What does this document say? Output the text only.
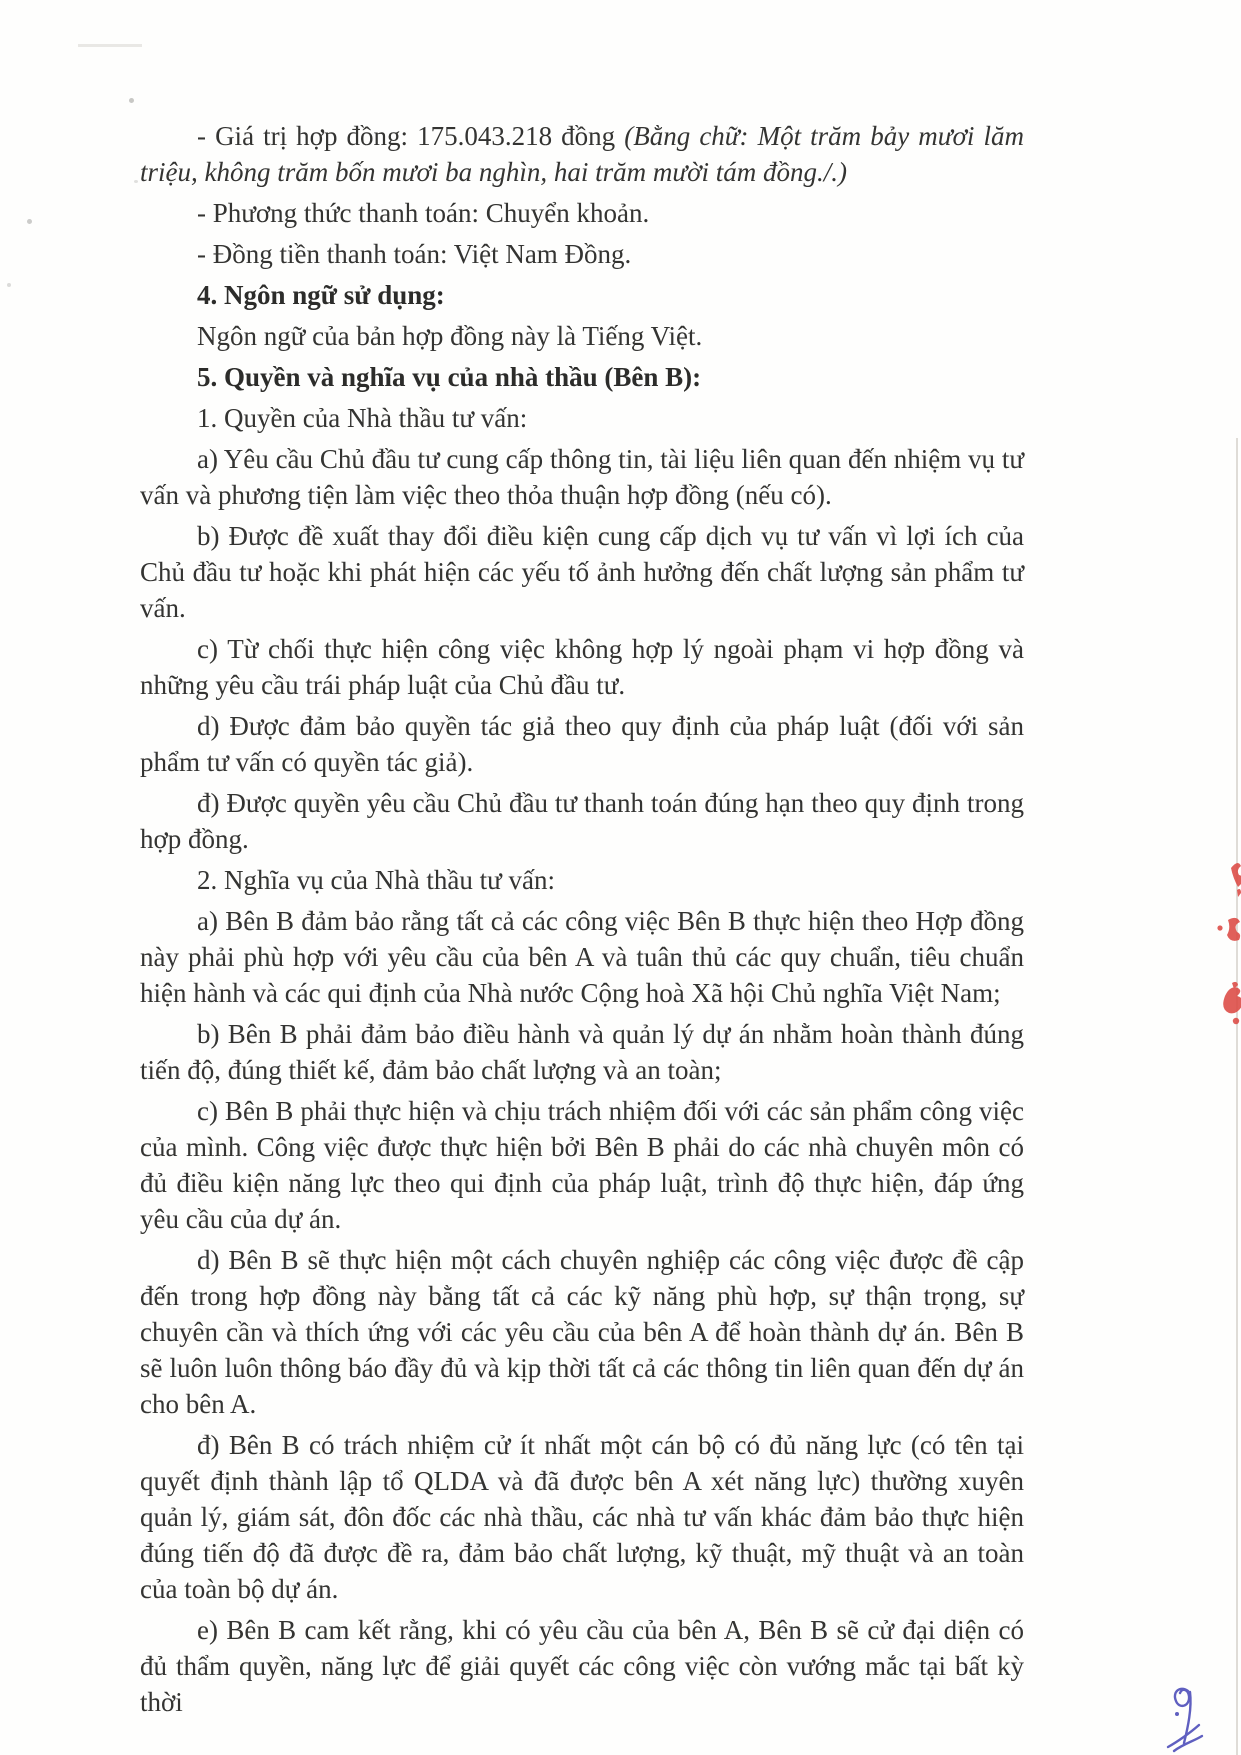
- Giá trị hợp đồng: 175.043.218 đồng (Bằng chữ: Một trăm bảy mươi lăm triệu, không trăm bốn mươi ba nghìn, hai trăm mười tám đồng./.)

- Phương thức thanh toán: Chuyển khoản.

- Đồng tiền thanh toán: Việt Nam Đồng.

4. Ngôn ngữ sử dụng:

Ngôn ngữ của bản hợp đồng này là Tiếng Việt.

5. Quyền và nghĩa vụ của nhà thầu (Bên B):

1. Quyền của Nhà thầu tư vấn:

a) Yêu cầu Chủ đầu tư cung cấp thông tin, tài liệu liên quan đến nhiệm vụ tư vấn và phương tiện làm việc theo thỏa thuận hợp đồng (nếu có).

b) Được đề xuất thay đổi điều kiện cung cấp dịch vụ tư vấn vì lợi ích của Chủ đầu tư hoặc khi phát hiện các yếu tố ảnh hưởng đến chất lượng sản phẩm tư vấn.

c) Từ chối thực hiện công việc không hợp lý ngoài phạm vi hợp đồng và những yêu cầu trái pháp luật của Chủ đầu tư.

d) Được đảm bảo quyền tác giả theo quy định của pháp luật (đối với sản phẩm tư vấn có quyền tác giả).

đ) Được quyền yêu cầu Chủ đầu tư thanh toán đúng hạn theo quy định trong hợp đồng.

2. Nghĩa vụ của Nhà thầu tư vấn:

a) Bên B đảm bảo rằng tất cả các công việc Bên B thực hiện theo Hợp đồng này phải phù hợp với yêu cầu của bên A và tuân thủ các quy chuẩn, tiêu chuẩn hiện hành và các qui định của Nhà nước Cộng hoà Xã hội Chủ nghĩa Việt Nam;

b) Bên B phải đảm bảo điều hành và quản lý dự án nhằm hoàn thành đúng tiến độ, đúng thiết kế, đảm bảo chất lượng và an toàn;

c) Bên B phải thực hiện và chịu trách nhiệm đối với các sản phẩm công việc của mình. Công việc được thực hiện bởi Bên B phải do các nhà chuyên môn có đủ điều kiện năng lực theo qui định của pháp luật, trình độ thực hiện, đáp ứng yêu cầu của dự án.

d) Bên B sẽ thực hiện một cách chuyên nghiệp các công việc được đề cập đến trong hợp đồng này bằng tất cả các kỹ năng phù hợp, sự thận trọng, sự chuyên cần và thích ứng với các yêu cầu của bên A để hoàn thành dự án. Bên B sẽ luôn luôn thông báo đầy đủ và kịp thời tất cả các thông tin liên quan đến dự án cho bên A.

đ) Bên B có trách nhiệm cử ít nhất một cán bộ có đủ năng lực (có tên tại quyết định thành lập tổ QLDA và đã được bên A xét năng lực) thường xuyên quản lý, giám sát, đôn đốc các nhà thầu, các nhà tư vấn khác đảm bảo thực hiện đúng tiến độ đã được đề ra, đảm bảo chất lượng, kỹ thuật, mỹ thuật và an toàn của toàn bộ dự án.

e) Bên B cam kết rằng, khi có yêu cầu của bên A, Bên B sẽ cử đại diện có đủ thẩm quyền, năng lực để giải quyết các công việc còn vướng mắc tại bất kỳ thời
